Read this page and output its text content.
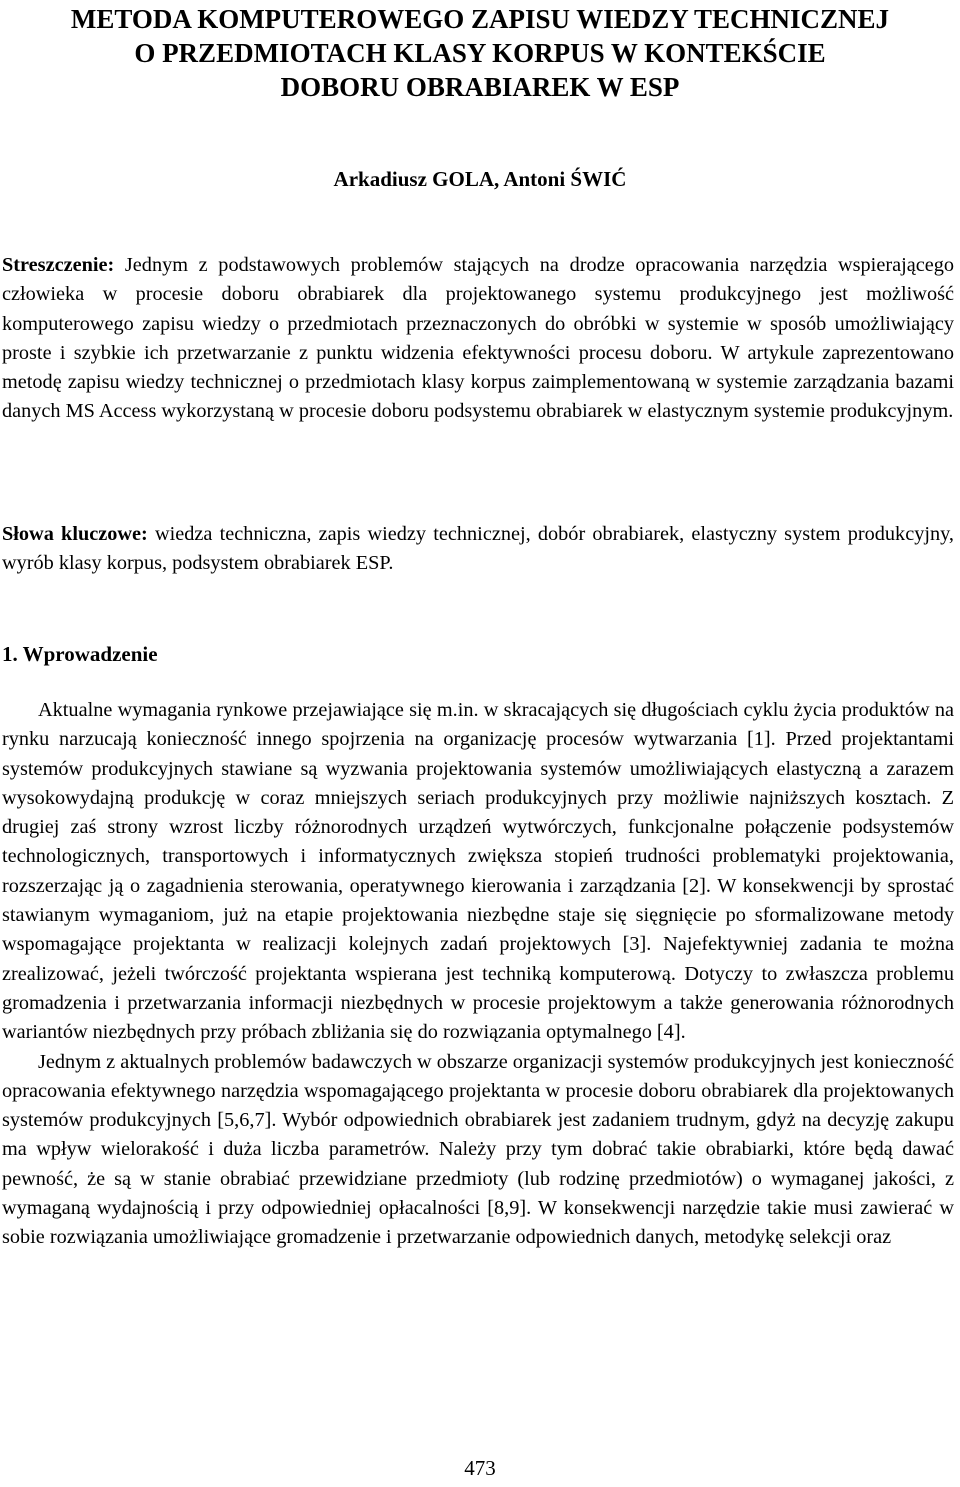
METODA KOMPUTEROWEGO ZAPISU WIEDZY TECHNICZNEJ
O PRZEDMIOTACH KLASY KORPUS W KONTEKŚCIE
DOBORU OBRABIAREK W ESP

Arkadiusz GOLA, Antoni ŚWIĆ

Streszczenie: Jednym z podstawowych problemów stających na drodze opracowania narzędzia wspierającego człowieka w procesie doboru obrabiarek dla projektowanego systemu produkcyjnego jest możliwość komputerowego zapisu wiedzy o przedmiotach przeznaczonych do obróbki w systemie w sposób umożliwiający proste i szybkie ich przetwarzanie z punktu widzenia efektywności procesu doboru. W artykule zaprezentowano metodę zapisu wiedzy technicznej o przedmiotach klasy korpus zaimplementowaną w systemie zarządzania bazami danych MS Access wykorzystaną w procesie doboru podsystemu obrabiarek w elastycznym systemie produkcyjnym.

Słowa kluczowe: wiedza techniczna, zapis wiedzy technicznej, dobór obrabiarek, elastyczny system produkcyjny, wyrób klasy korpus, podsystem obrabiarek ESP.

1. Wprowadzenie

Aktualne wymagania rynkowe przejawiające się m.in. w skracających się długościach cyklu życia produktów na rynku narzucają konieczność innego spojrzenia na organizację procesów wytwarzania [1]. Przed projektantami systemów produkcyjnych stawiane są wyzwania projektowania systemów umożliwiających elastyczną a zarazem wysokowydajną produkcję w coraz mniejszych seriach produkcyjnych przy możliwie najniższych kosztach. Z drugiej zaś strony wzrost liczby różnorodnych urządzeń wytwórczych, funkcjonalne połączenie podsystemów technologicznych, transportowych i informatycznych zwiększa stopień trudności problematyki projektowania, rozszerzając ją o zagadnienia sterowania, operatywnego kierowania i zarządzania [2]. W konsekwencji by sprostać stawianym wymaganiom, już na etapie projektowania niezbędne staje się sięgnięcie po sformalizowane metody wspomagające projektanta w realizacji kolejnych zadań projektowych [3]. Najefektywniej zadania te można zrealizować, jeżeli twórczość projektanta wspierana jest techniką komputerową. Dotyczy to zwłaszcza problemu gromadzenia i przetwarzania informacji niezbędnych w procesie projektowym a także generowania różnorodnych wariantów niezbędnych przy próbach zbliżania się do rozwiązania optymalnego [4].

Jednym z aktualnych problemów badawczych w obszarze organizacji systemów produkcyjnych jest konieczność opracowania efektywnego narzędzia wspomagającego projektanta w procesie doboru obrabiarek dla projektowanych systemów produkcyjnych [5,6,7]. Wybór odpowiednich obrabiarek jest zadaniem trudnym, gdyż na decyzję zakupu ma wpływ wielorakość i duża liczba parametrów. Należy przy tym dobrać takie obrabiarki, które będą dawać pewność, że są w stanie obrabiać przewidziane przedmioty (lub rodzinę przedmiotów) o wymaganej jakości, z wymaganą wydajnością i przy odpowiedniej opłacalności [8,9]. W konsekwencji narzędzie takie musi zawierać w sobie rozwiązania umożliwiające gromadzenie i przetwarzanie odpowiednich danych, metodykę selekcji oraz

473
